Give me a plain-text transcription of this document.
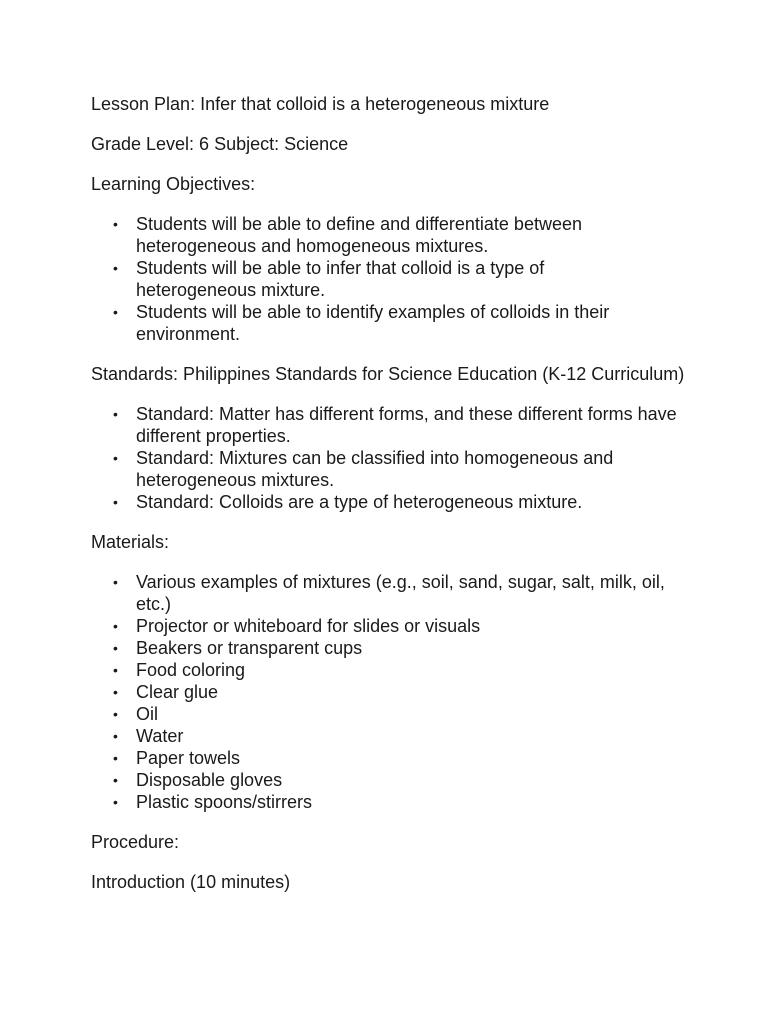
Lesson Plan: Infer that colloid is a heterogeneous mixture

Grade Level: 6 Subject: Science

Learning Objectives:

• Students will be able to define and differentiate between heterogeneous and homogeneous mixtures.
• Students will be able to infer that colloid is a type of heterogeneous mixture.
• Students will be able to identify examples of colloids in their environment.

Standards: Philippines Standards for Science Education (K-12 Curriculum)

• Standard: Matter has different forms, and these different forms have different properties.
• Standard: Mixtures can be classified into homogeneous and heterogeneous mixtures.
• Standard: Colloids are a type of heterogeneous mixture.

Materials:

• Various examples of mixtures (e.g., soil, sand, sugar, salt, milk, oil, etc.)
• Projector or whiteboard for slides or visuals
• Beakers or transparent cups
• Food coloring
• Clear glue
• Oil
• Water
• Paper towels
• Disposable gloves
• Plastic spoons/stirrers

Procedure:

Introduction (10 minutes)
